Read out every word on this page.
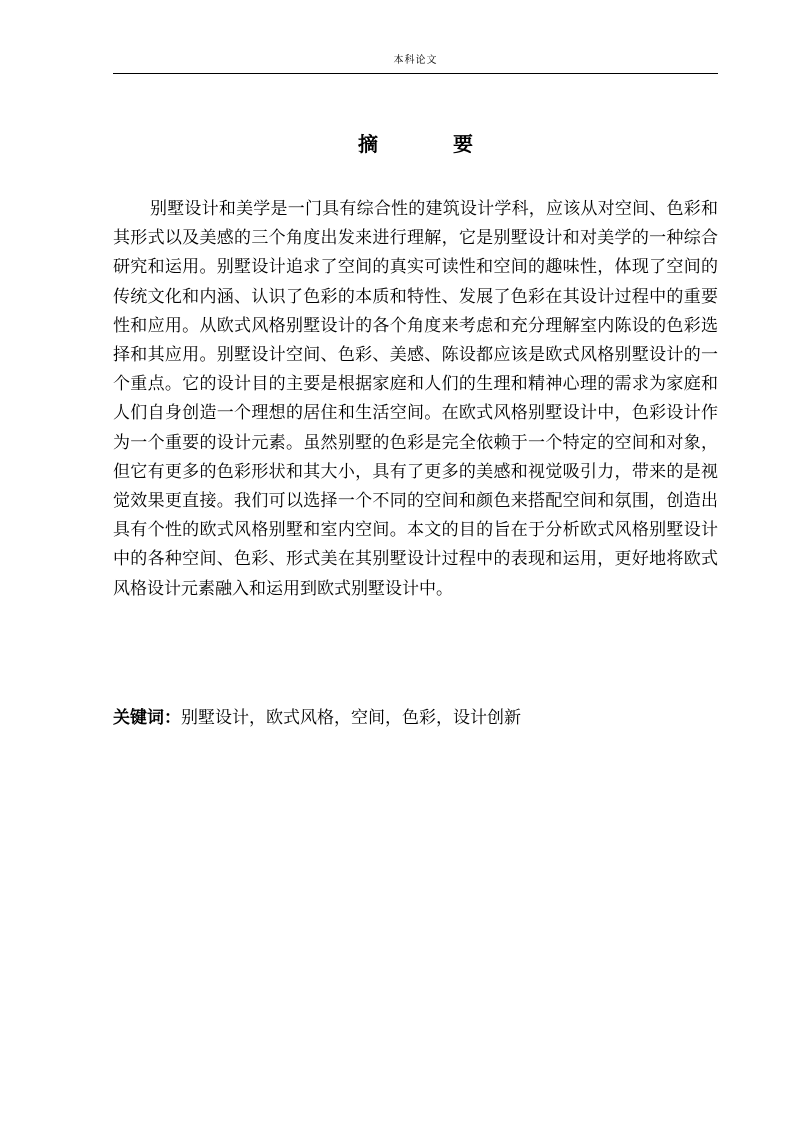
本科论文
摘 要

别墅设计和美学是一门具有综合性的建筑设计学科，应该从对空间、色彩和其形式以及美感的三个角度出发来进行理解，它是别墅设计和对美学的一种综合研究和运用。别墅设计追求了空间的真实可读性和空间的趣味性，体现了空间的传统文化和内涵、认识了色彩的本质和特性、发展了色彩在其设计过程中的重要性和应用。从欧式风格别墅设计的各个角度来考虑和充分理解室内陈设的色彩选择和其应用。别墅设计空间、色彩、美感、陈设都应该是欧式风格别墅设计的一个重点。它的设计目的主要是根据家庭和人们的生理和精神心理的需求为家庭和人们自身创造一个理想的居住和生活空间。在欧式风格别墅设计中，色彩设计作为一个重要的设计元素。虽然别墅的色彩是完全依赖于一个特定的空间和对象，但它有更多的色彩形状和其大小，具有了更多的美感和视觉吸引力，带来的是视觉效果更直接。我们可以选择一个不同的空间和颜色来搭配空间和氛围，创造出具有个性的欧式风格别墅和室内空间。本文的目的旨在于分析欧式风格别墅设计中的各种空间、色彩、形式美在其别墅设计过程中的表现和运用，更好地将欧式风格设计元素融入和运用到欧式别墅设计中。

关键词：别墅设计，欧式风格，空间，色彩，设计创新
